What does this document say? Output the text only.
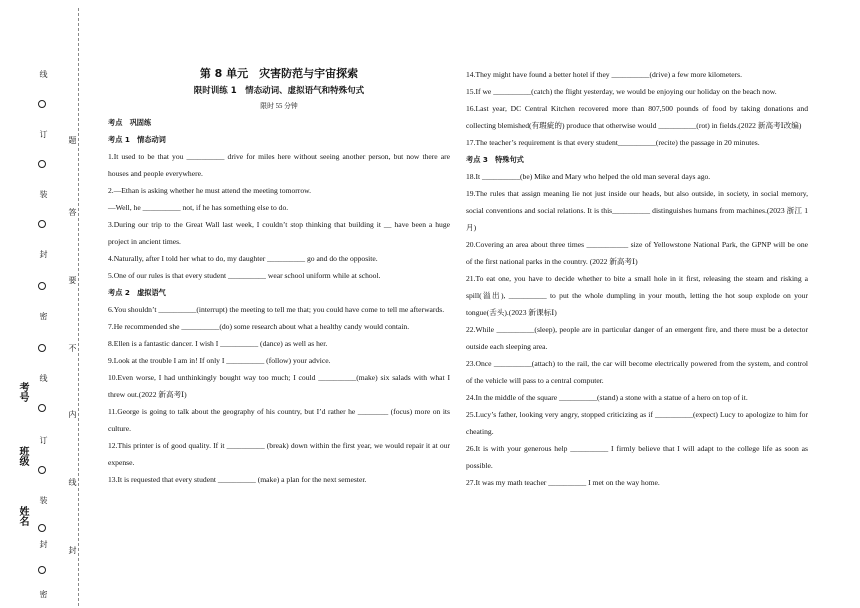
线
订
装
封
密
线
订
装
封
密
题
答
要
不
内
线
封
考号
班级
姓名
第 8 单元　灾害防范与宇宙探索
限时训练 1　情态动词、虚拟语气和特殊句式
限时 55 分钟

考点　巩固练

考点 1　情态动词

1.It used to be that you __________ drive for miles here without seeing another person, but now there are houses and people everywhere.

2.—Ethan is asking whether he must attend the meeting tomorrow.

—Well, he __________ not, if he has something else to do.

3.During our trip to the Great Wall last week, I couldn’t stop thinking that building it __ have been a huge project in ancient times.

4.Naturally, after I told her what to do, my daughter __________ go and do the opposite.

5.One of our rules is that every student __________ wear school uniform while at school.

考点 2　虚拟语气

6.You shouldn’t __________(interrupt) the meeting to tell me that; you could have come to tell me afterwards.

7.He recommended she __________(do) some research about what a healthy candy would contain.

8.Ellen is a fantastic dancer. I wish I __________ (dance) as well as her.

9.Look at the trouble I am in! If only I __________ (follow) your advice.

10.Even worse, I had unthinkingly bought way too much; I could __________(make) six salads with what I threw out.(2022 新高考Ⅰ)

11.George is going to talk about the geography of his country, but I’d rather he ________ (focus) more on its culture.

12.This printer is of good quality. If it __________ (break) down within the first year, we would repair it at our expense.

13.It is requested that every student __________ (make) a plan for the next semester.

14.They might have found a better hotel if they __________(drive) a few more kilometers.

15.If we __________(catch) the flight yesterday, we would be enjoying our holiday on the beach now.

16.Last year, DC Central Kitchen recovered more than 807,500 pounds of food by taking donations and collecting blemished(有瑕疵的) produce that otherwise would __________(rot) in fields.(2022 新高考Ⅰ改编)

17.The teacher’s requirement is that every student__________(recite) the passage in 20 minutes.

考点 3　特殊句式

18.It __________(be) Mike and Mary who helped the old man several days ago.

19.The rules that assign meaning lie not just inside our heads, but also outside, in society, in social memory, social conventions and social relations. It is this__________ distinguishes humans from machines.(2023 浙江 1 月)

20.Covering an area about three times ___________ size of Yellowstone National Park, the GPNP will be one of the first national parks in the country. (2022 新高考Ⅰ)

21.To eat one, you have to decide whether to bite a small hole in it first, releasing the steam and risking a spill(溢出), __________ to put the whole dumpling in your mouth, letting the hot soup explode on your tongue(舌头).(2023 新课标Ⅰ)

22.While __________(sleep), people are in particular danger of an emergent fire, and there must be a detector outside each sleeping area.

23.Once __________(attach) to the rail, the car will become electrically powered from the system, and control of the vehicle will pass to a central computer.

24.In the middle of the square __________(stand) a stone with a statue of a hero on top of it.

25.Lucy’s father, looking very angry, stopped criticizing as if __________(expect) Lucy to apologize to him for cheating.

26.It is with your generous help __________ I firmly believe that I will adapt to the college life as soon as possible.

27.It was my math teacher __________ I met on the way home.
